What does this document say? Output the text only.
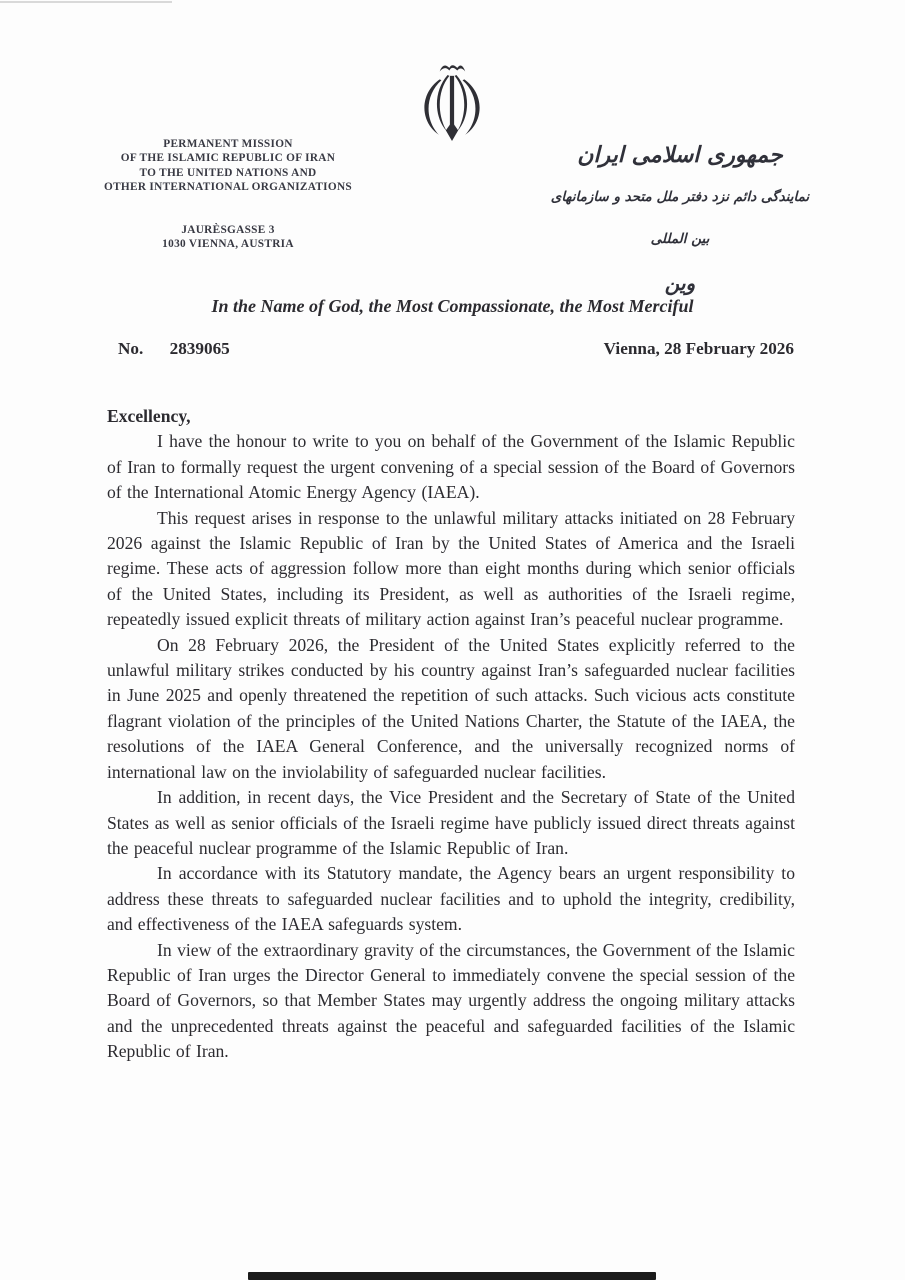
PERMANENT MISSION
OF THE ISLAMIC REPUBLIC OF IRAN
TO THE UNITED NATIONS AND
OTHER INTERNATIONAL ORGANIZATIONS
JAURÈSGASSE 3
1030 VIENNA, AUSTRIA
جمهوری اسلامی ایران
نمایندگی دائم نزد دفتر ملل متحد و سازمانهای بین المللی
وین
In the Name of God, the Most Compassionate, the Most Merciful
Vienna, 28 February 2026
No. 2839065

Excellency,

I have the honour to write to you on behalf of the Government of the Islamic Republic of Iran to formally request the urgent convening of a special session of the Board of Governors of the International Atomic Energy Agency (IAEA).

This request arises in response to the unlawful military attacks initiated on 28 February 2026 against the Islamic Republic of Iran by the United States of America and the Israeli regime. These acts of aggression follow more than eight months during which senior officials of the United States, including its President, as well as authorities of the Israeli regime, repeatedly issued explicit threats of military action against Iran’s peaceful nuclear programme.

On 28 February 2026, the President of the United States explicitly referred to the unlawful military strikes conducted by his country against Iran’s safeguarded nuclear facilities in June 2025 and openly threatened the repetition of such attacks. Such vicious acts constitute flagrant violation of the principles of the United Nations Charter, the Statute of the IAEA, the resolutions of the IAEA General Conference, and the universally recognized norms of international law on the inviolability of safeguarded nuclear facilities.

In addition, in recent days, the Vice President and the Secretary of State of the United States as well as senior officials of the Israeli regime have publicly issued direct threats against the peaceful nuclear programme of the Islamic Republic of Iran.

In accordance with its Statutory mandate, the Agency bears an urgent responsibility to address these threats to safeguarded nuclear facilities and to uphold the integrity, credibility, and effectiveness of the IAEA safeguards system.

In view of the extraordinary gravity of the circumstances, the Government of the Islamic Republic of Iran urges the Director General to immediately convene the special session of the Board of Governors, so that Member States may urgently address the ongoing military attacks and the unprecedented threats against the peaceful and safeguarded facilities of the Islamic Republic of Iran.
